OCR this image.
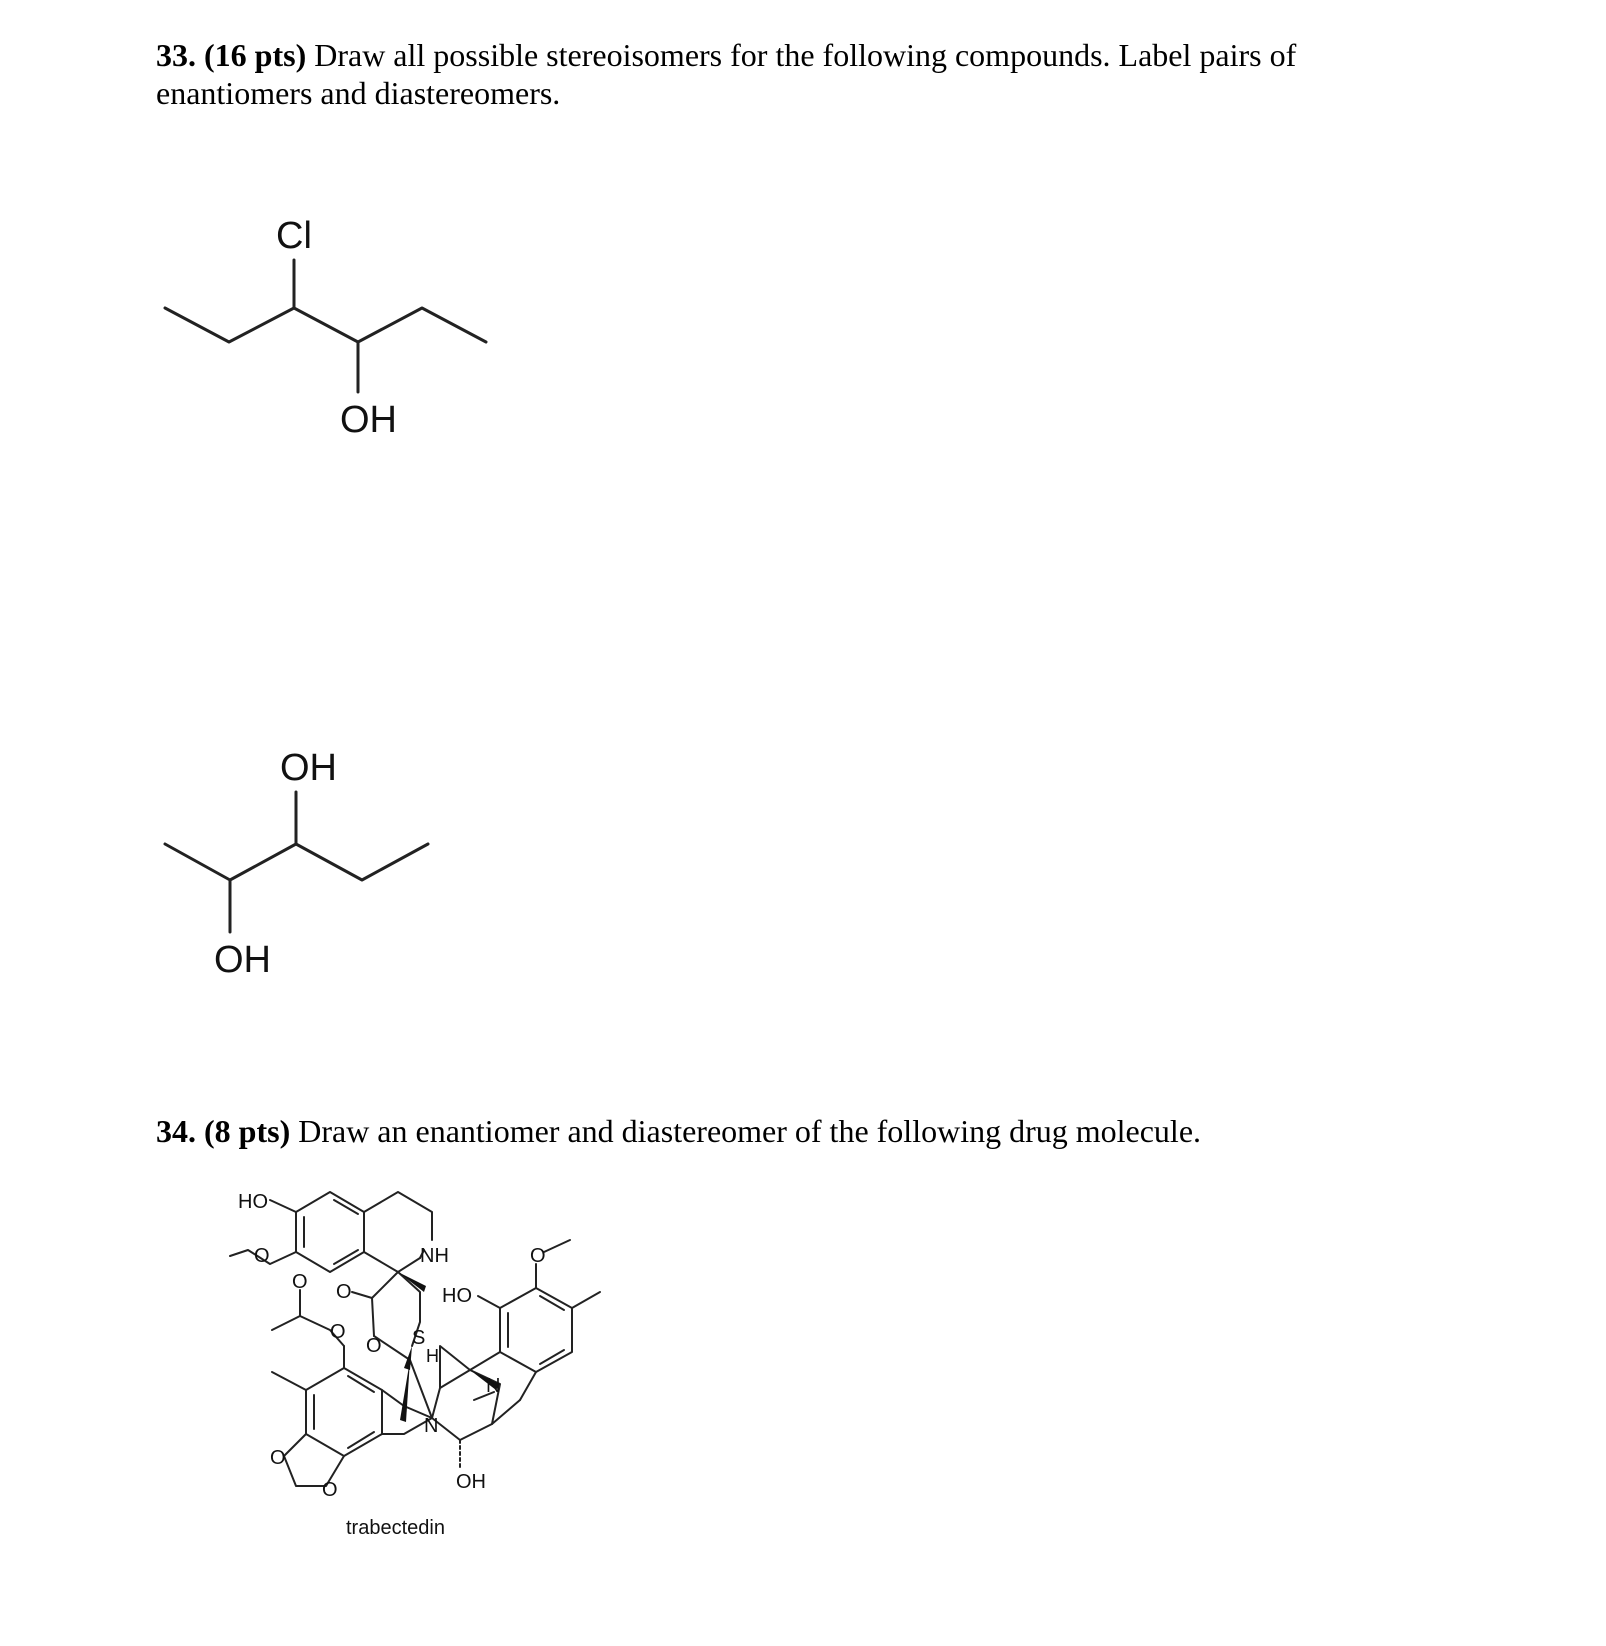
33. (16 pts) Draw all possible stereoisomers for the following compounds. Label pairs of enantiomers and diastereomers.
34. (8 pts) Draw an enantiomer and diastereomer of the following drug molecule.
Cl
OH
OH
OH
HO
NH
O	O
HO
O
O
O
O S
H
N
N
OH
O
O
trabectedin
